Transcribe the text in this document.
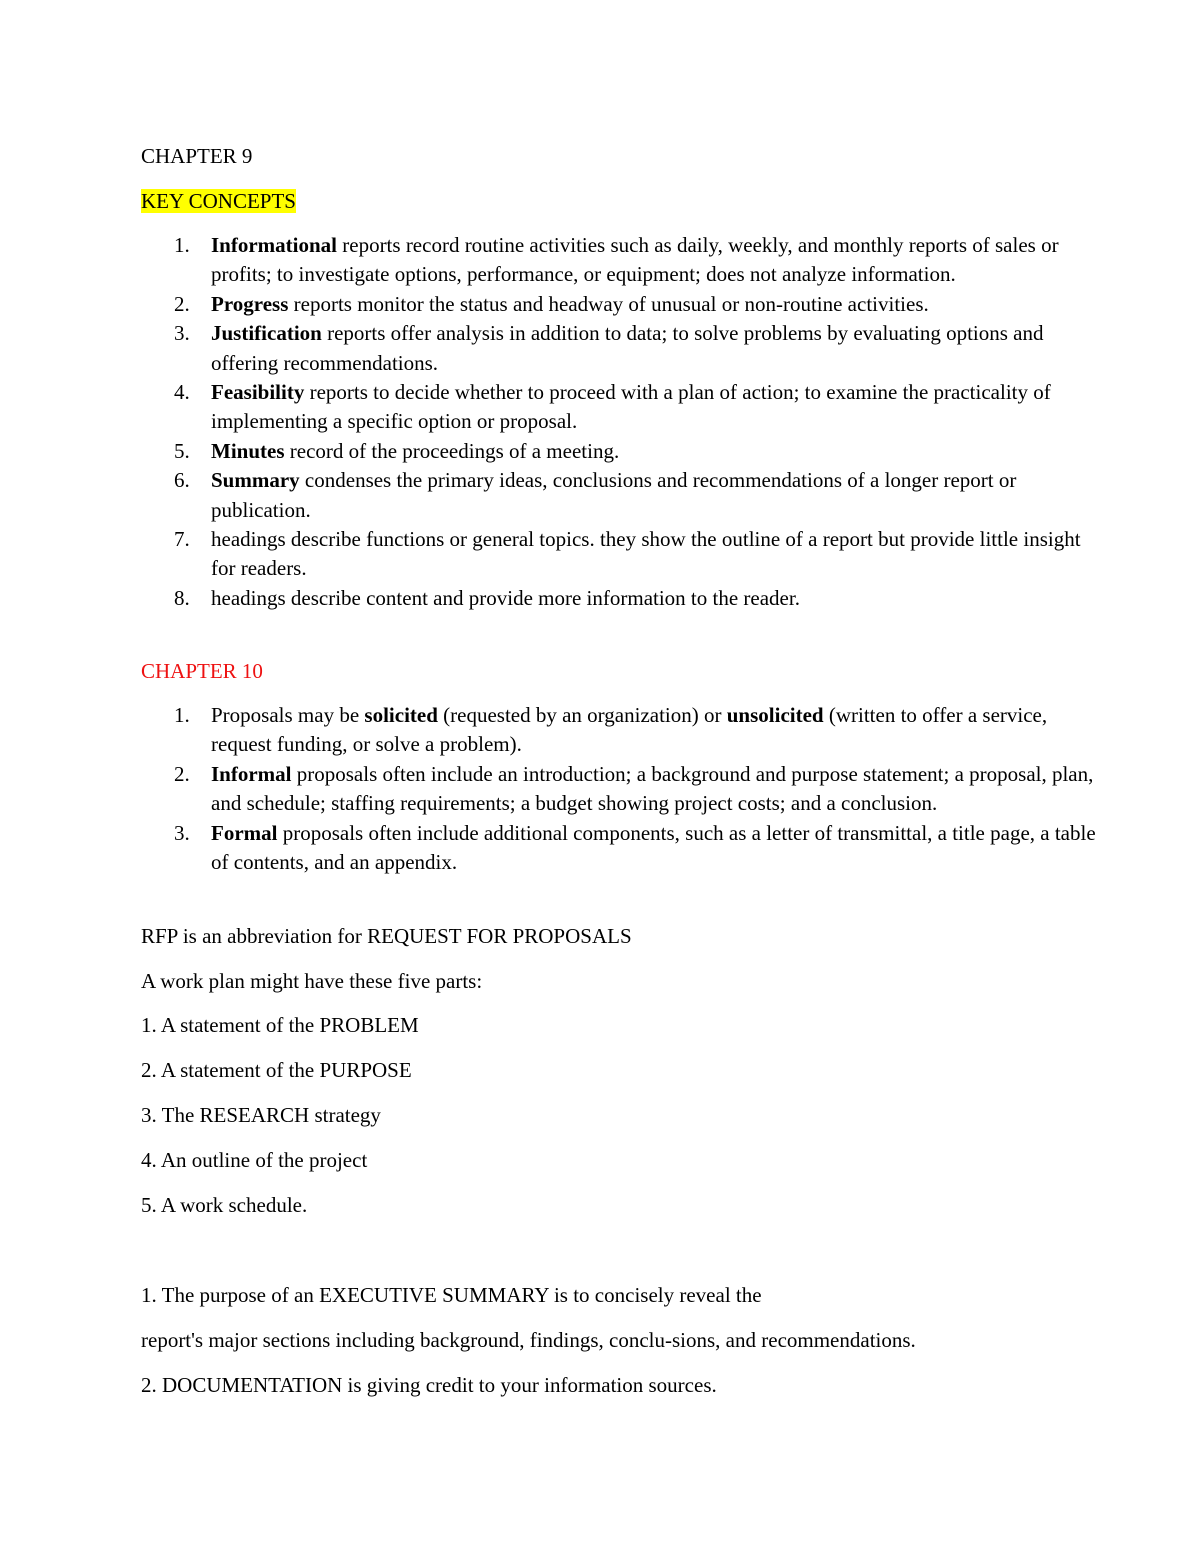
CHAPTER 9
KEY CONCEPTS
1. Informational reports record routine activities such as daily, weekly, and monthly reports of sales or profits; to investigate options, performance, or equipment; does not analyze information.
2. Progress reports monitor the status and headway of unusual or non-routine activities.
3. Justification reports offer analysis in addition to data; to solve problems by evaluating options and offering recommendations.
4. Feasibility reports to decide whether to proceed with a plan of action; to examine the practicality of implementing a specific option or proposal.
5. Minutes record of the proceedings of a meeting.
6. Summary condenses the primary ideas, conclusions and recommendations of a longer report or publication.
7. headings describe functions or general topics. they show the outline of a report but provide little insight for readers.
8. headings describe content and provide more information to the reader.
CHAPTER 10
1. Proposals may be solicited (requested by an organization) or unsolicited (written to offer a service, request funding, or solve a problem).
2. Informal proposals often include an introduction; a background and purpose statement; a proposal, plan, and schedule; staffing requirements; a budget showing project costs; and a conclusion.
3. Formal proposals often include additional components, such as a letter of transmittal, a title page, a table of contents, and an appendix.
RFP is an abbreviation for REQUEST FOR PROPOSALS
A work plan might have these five parts:
1. A statement of the PROBLEM
2. A statement of the PURPOSE
3. The RESEARCH strategy
4. An outline of the project
5. A work schedule.
1. The purpose of an EXECUTIVE SUMMARY is to concisely reveal the
report's major sections including background, findings, conclu-sions, and recommendations.
2. DOCUMENTATION is giving credit to your information sources.
